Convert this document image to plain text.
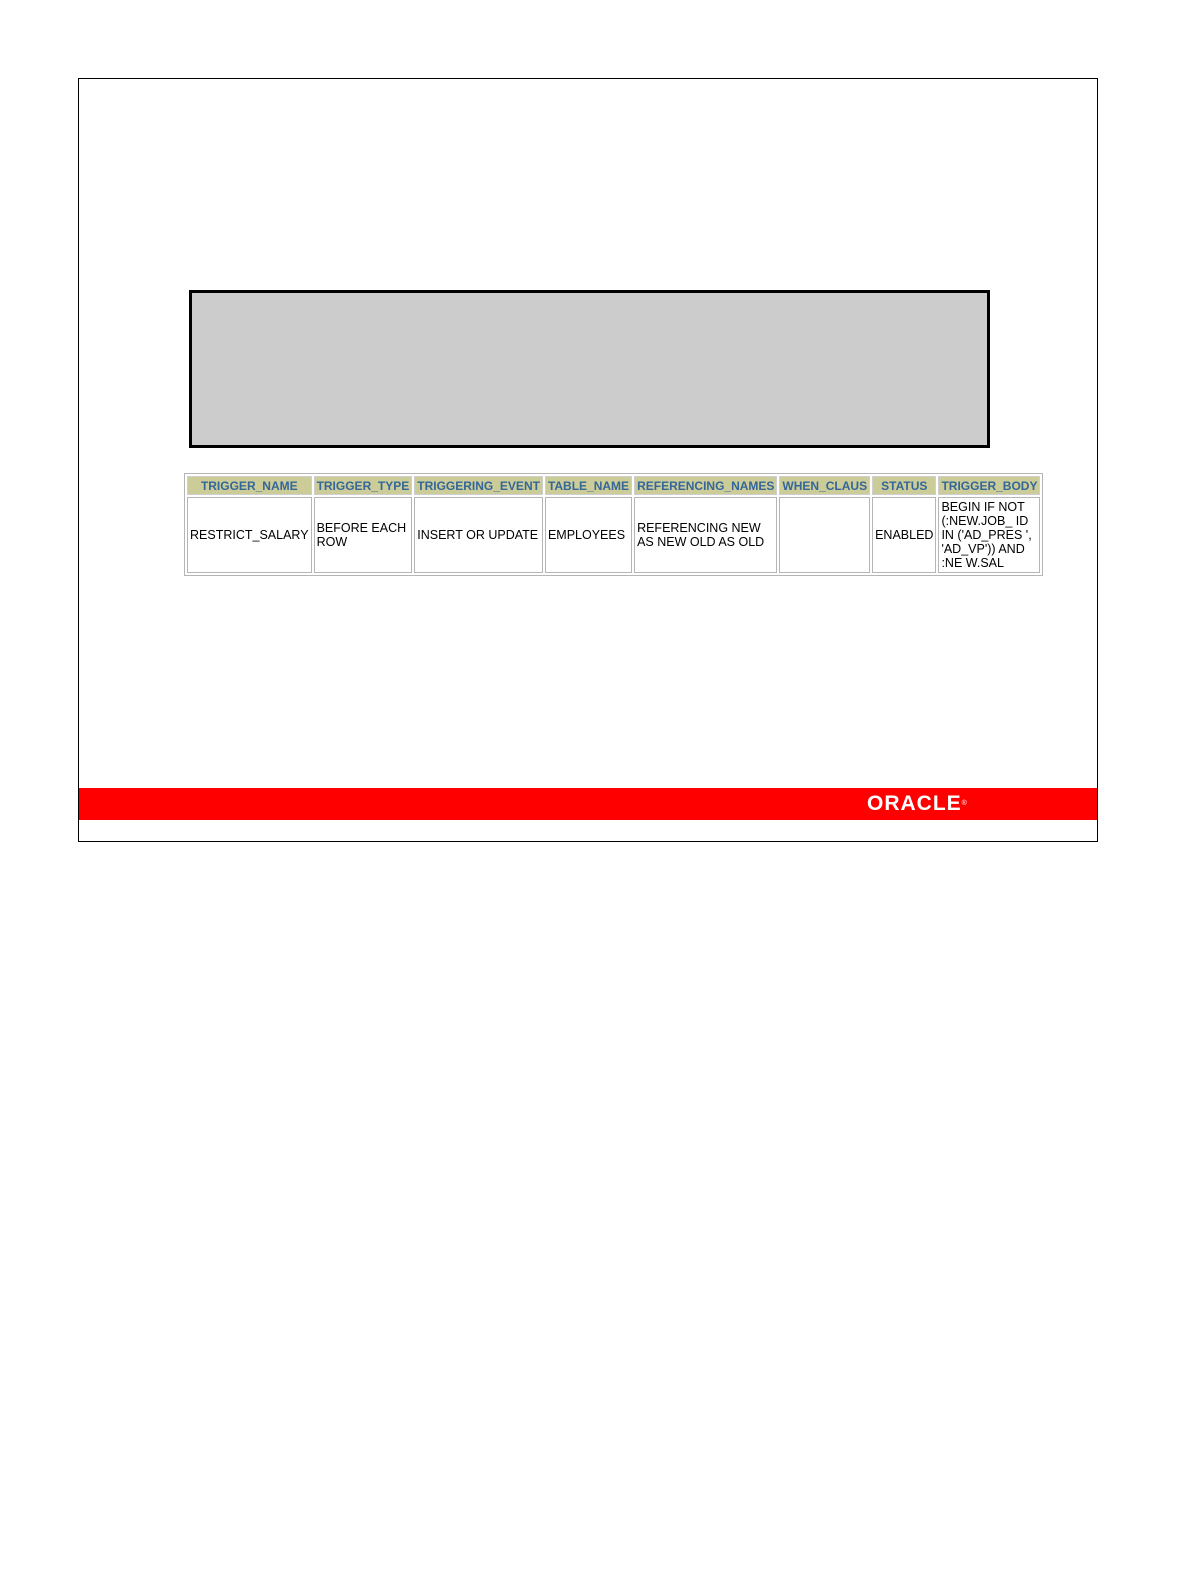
TRIGGER_NAME	TRIGGER_TYPE	TRIGGERING_EVENT	TABLE_NAME	REFERENCING_NAMES	WHEN_CLAUS	STATUS	TRIGGER_BODY
RESTRICT_SALARY	BEFORE EACH ROW	INSERT OR UPDATE	EMPLOYEES	REFERENCING NEW AS NEW OLD AS OLD		ENABLED	BEGIN IF NOT (:NEW.JOB_ ID IN ('AD_PRES ', 'AD_VP')) AND :NE W.SAL
ORACLE®
